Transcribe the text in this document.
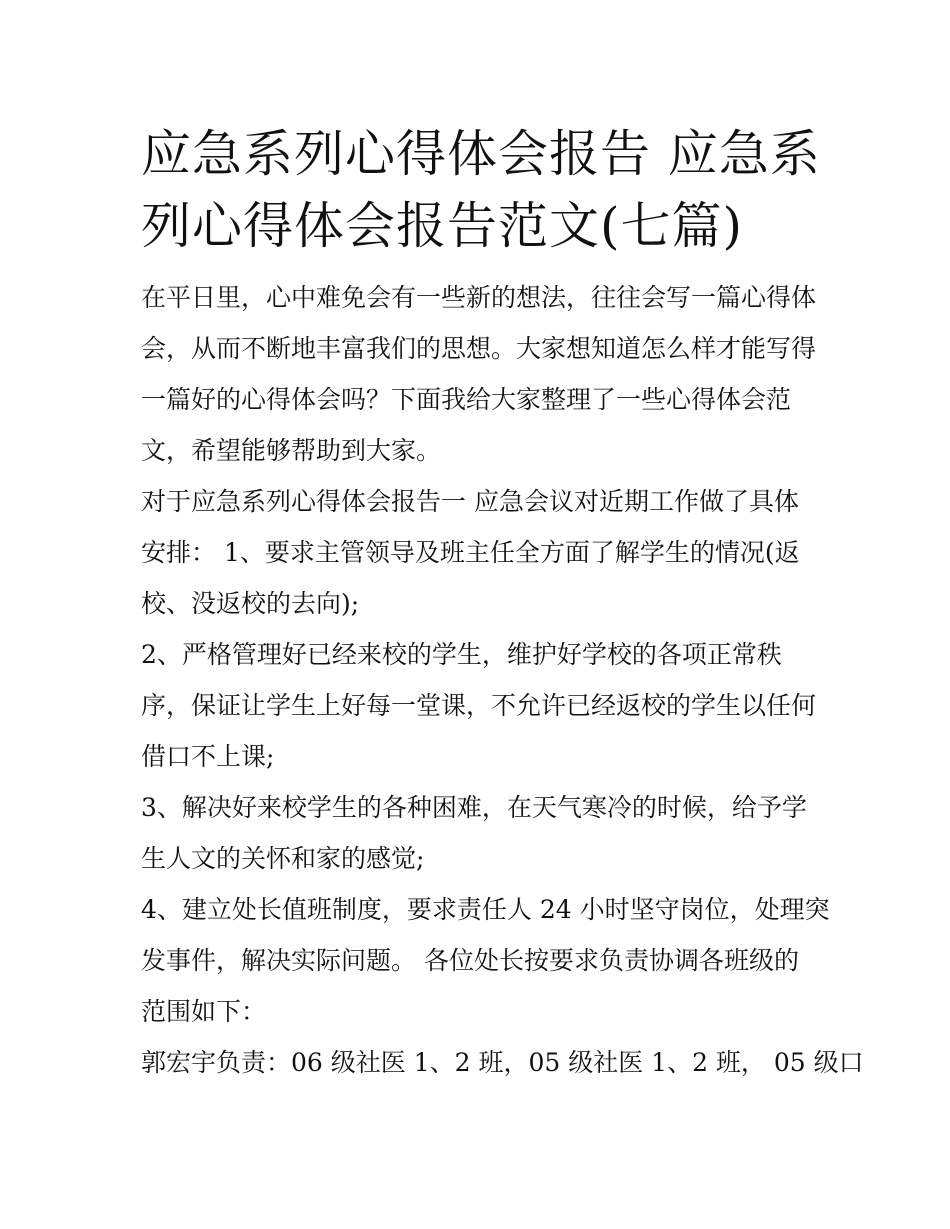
应急系列心得体会报告 应急系
列心得体会报告范文(七篇)

在平日里，心中难免会有一些新的想法，往往会写一篇心得体
会，从而不断地丰富我们的思想。大家想知道怎么样才能写得
一篇好的心得体会吗？下面我给大家整理了一些心得体会范
文，希望能够帮助到大家。

对于应急系列心得体会报告一 应急会议对近期工作做了具体
安排： 1、要求主管领导及班主任全方面了解学生的情况(返
校、没返校的去向);

2、严格管理好已经来校的学生，维护好学校的各项正常秩
序，保证让学生上好每一堂课，不允许已经返校的学生以任何
借口不上课;

3、解决好来校学生的各种困难，在天气寒冷的时候，给予学
生人文的关怀和家的感觉;

4、建立处长值班制度，要求责任人 24 小时坚守岗位，处理突
发事件，解决实际问题。 各位处长按要求负责协调各班级的
范围如下：

郭宏宇负责：06 级社医 1、2 班，05 级社医 1、2 班， 05 级口
